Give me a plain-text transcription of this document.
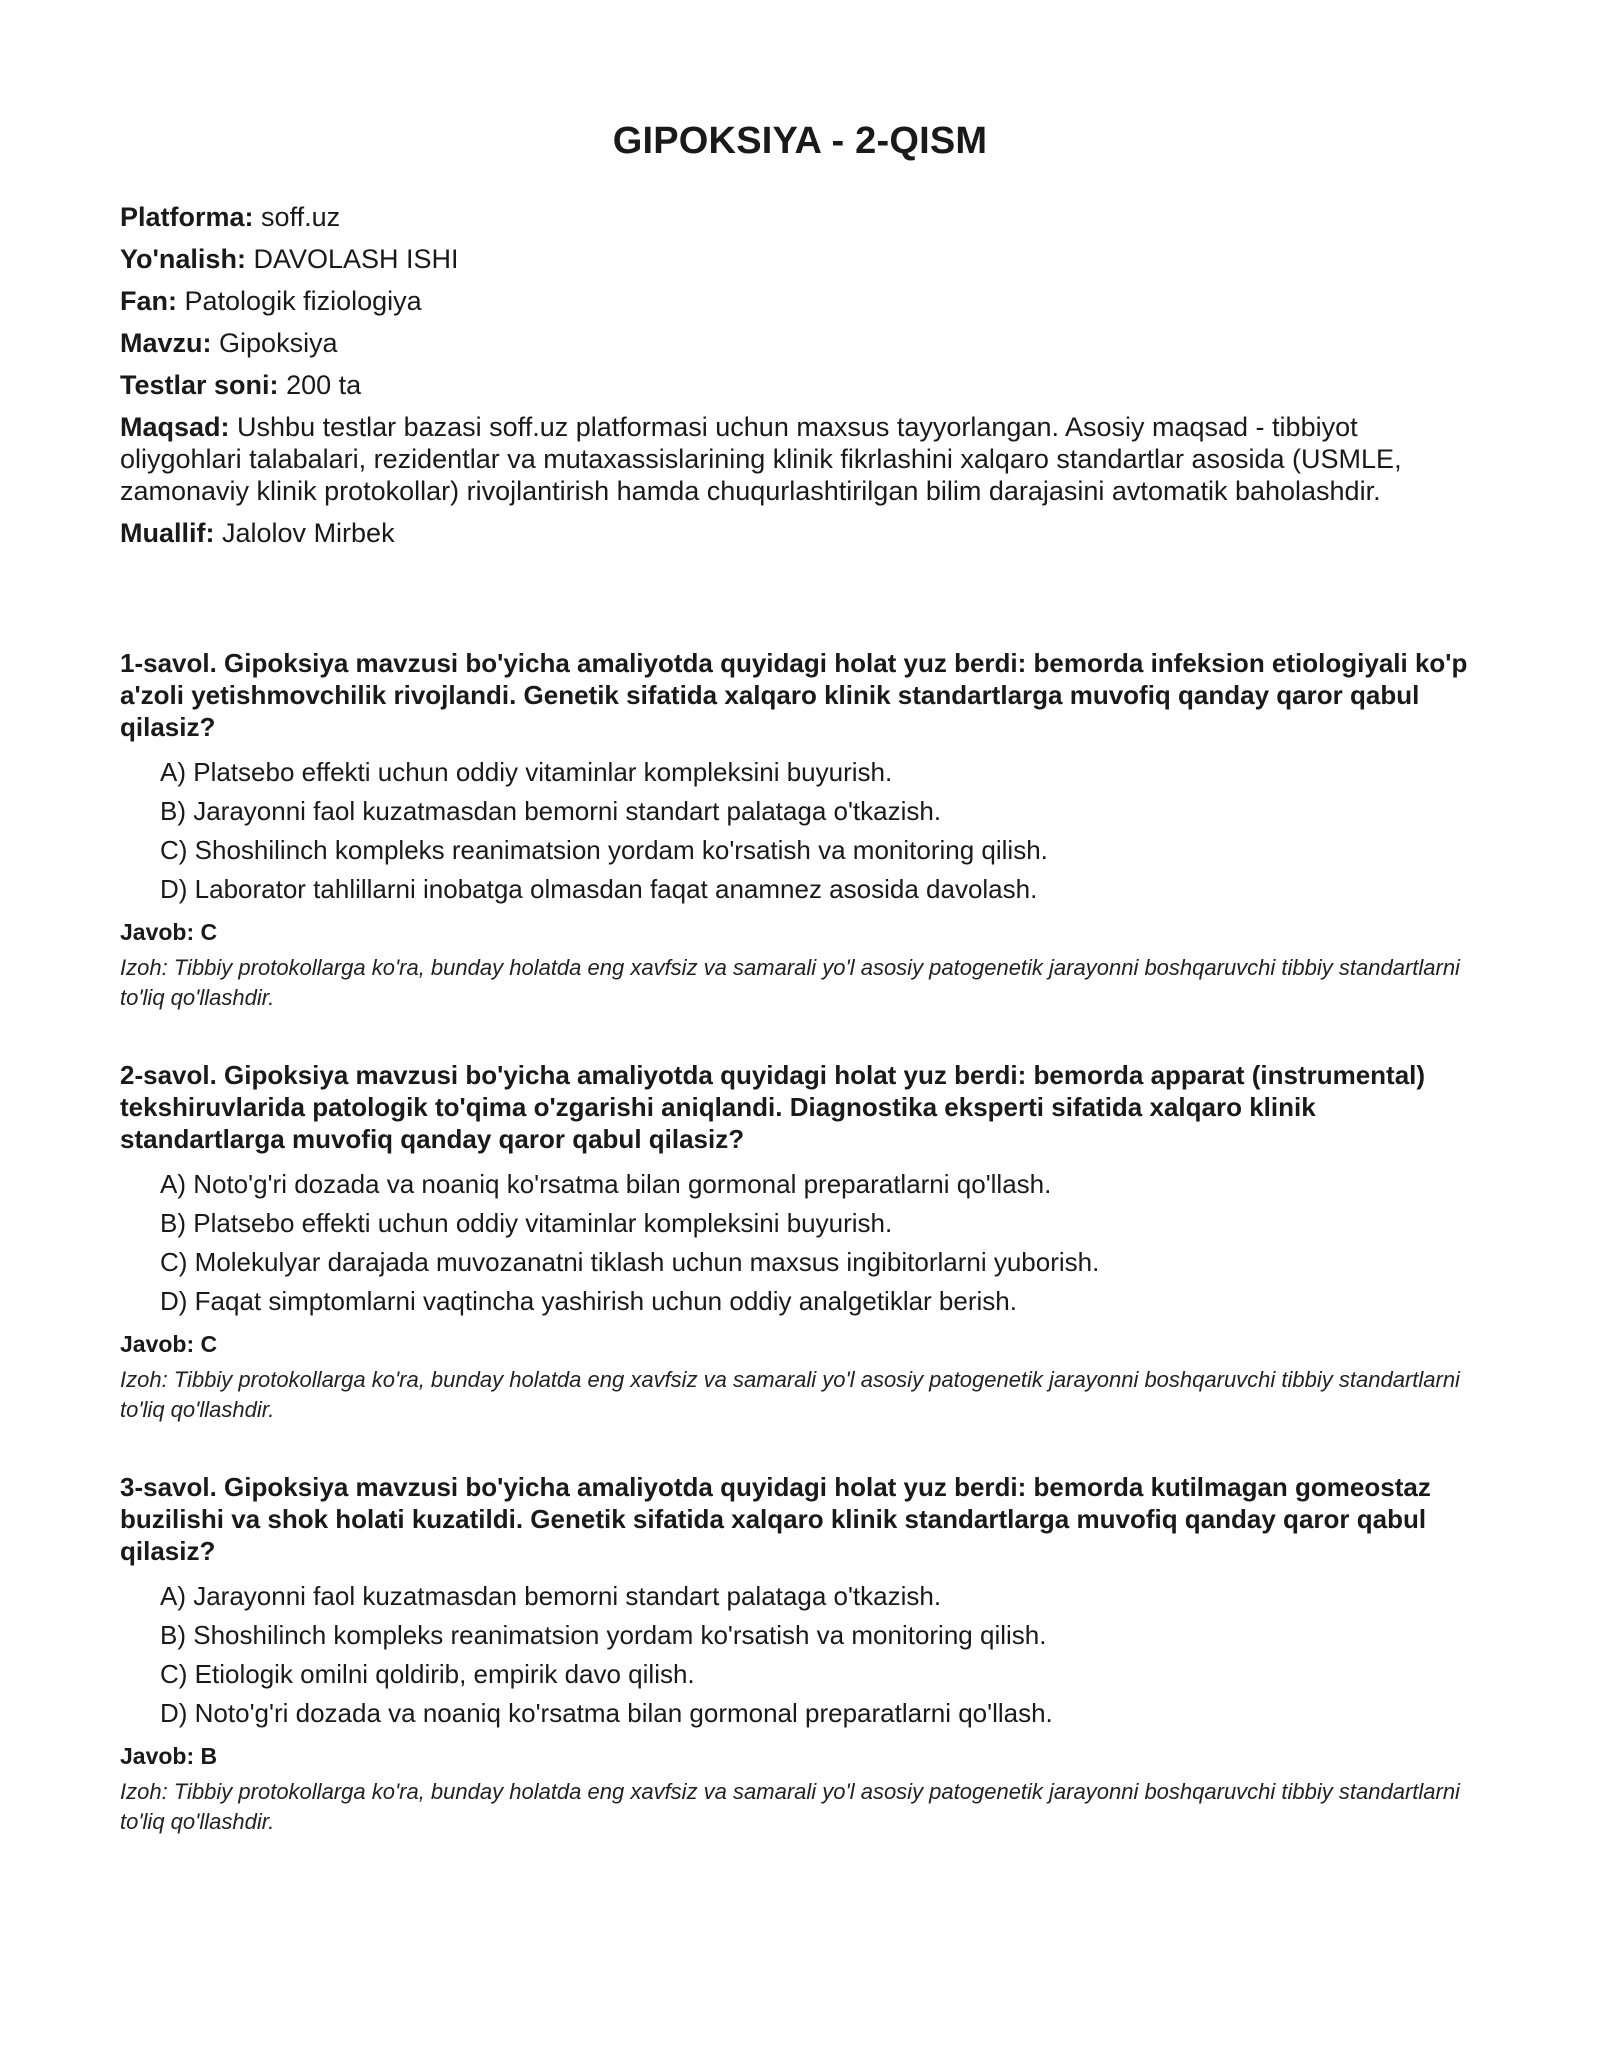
GIPOKSIYA - 2-QISM
Platforma: soff.uz
Yo'nalish: DAVOLASH ISHI
Fan: Patologik fiziologiya
Mavzu: Gipoksiya
Testlar soni: 200 ta
Maqsad: Ushbu testlar bazasi soff.uz platformasi uchun maxsus tayyorlangan. Asosiy maqsad - tibbiyot oliygohlari talabalari, rezidentlar va mutaxassislarining klinik fikrlashini xalqaro standartlar asosida (USMLE, zamonaviy klinik protokollar) rivojlantirish hamda chuqurlashtirilgan bilim darajasini avtomatik baholashdir.
Muallif: Jalolov Mirbek
1-savol. Gipoksiya mavzusi bo'yicha amaliyotda quyidagi holat yuz berdi: bemorda infeksion etiologiyali ko'p a'zoli yetishmovchilik rivojlandi. Genetik sifatida xalqaro klinik standartlarga muvofiq qanday qaror qabul qilasiz?
A) Platsebo effekti uchun oddiy vitaminlar kompleksini buyurish.
B) Jarayonni faol kuzatmasdan bemorni standart palataga o'tkazish.
C) Shoshilinch kompleks reanimatsion yordam ko'rsatish va monitoring qilish.
D) Laborator tahlillarni inobatga olmasdan faqat anamnez asosida davolash.
Javob: C
Izoh: Tibbiy protokollarga ko'ra, bunday holatda eng xavfsiz va samarali yo'l asosiy patogenetik jarayonni boshqaruvchi tibbiy standartlarni to'liq qo'llashdir.
2-savol. Gipoksiya mavzusi bo'yicha amaliyotda quyidagi holat yuz berdi: bemorda apparat (instrumental) tekshiruvlarida patologik to'qima o'zgarishi aniqlandi. Diagnostika eksperti sifatida xalqaro klinik standartlarga muvofiq qanday qaror qabul qilasiz?
A) Noto'g'ri dozada va noaniq ko'rsatma bilan gormonal preparatlarni qo'llash.
B) Platsebo effekti uchun oddiy vitaminlar kompleksini buyurish.
C) Molekulyar darajada muvozanatni tiklash uchun maxsus ingibitorlarni yuborish.
D) Faqat simptomlarni vaqtincha yashirish uchun oddiy analgetiklar berish.
Javob: C
Izoh: Tibbiy protokollarga ko'ra, bunday holatda eng xavfsiz va samarali yo'l asosiy patogenetik jarayonni boshqaruvchi tibbiy standartlarni to'liq qo'llashdir.
3-savol. Gipoksiya mavzusi bo'yicha amaliyotda quyidagi holat yuz berdi: bemorda kutilmagan gomeostaz buzilishi va shok holati kuzatildi. Genetik sifatida xalqaro klinik standartlarga muvofiq qanday qaror qabul qilasiz?
A) Jarayonni faol kuzatmasdan bemorni standart palataga o'tkazish.
B) Shoshilinch kompleks reanimatsion yordam ko'rsatish va monitoring qilish.
C) Etiologik omilni qoldirib, empirik davo qilish.
D) Noto'g'ri dozada va noaniq ko'rsatma bilan gormonal preparatlarni qo'llash.
Javob: B
Izoh: Tibbiy protokollarga ko'ra, bunday holatda eng xavfsiz va samarali yo'l asosiy patogenetik jarayonni boshqaruvchi tibbiy standartlarni to'liq qo'llashdir.
